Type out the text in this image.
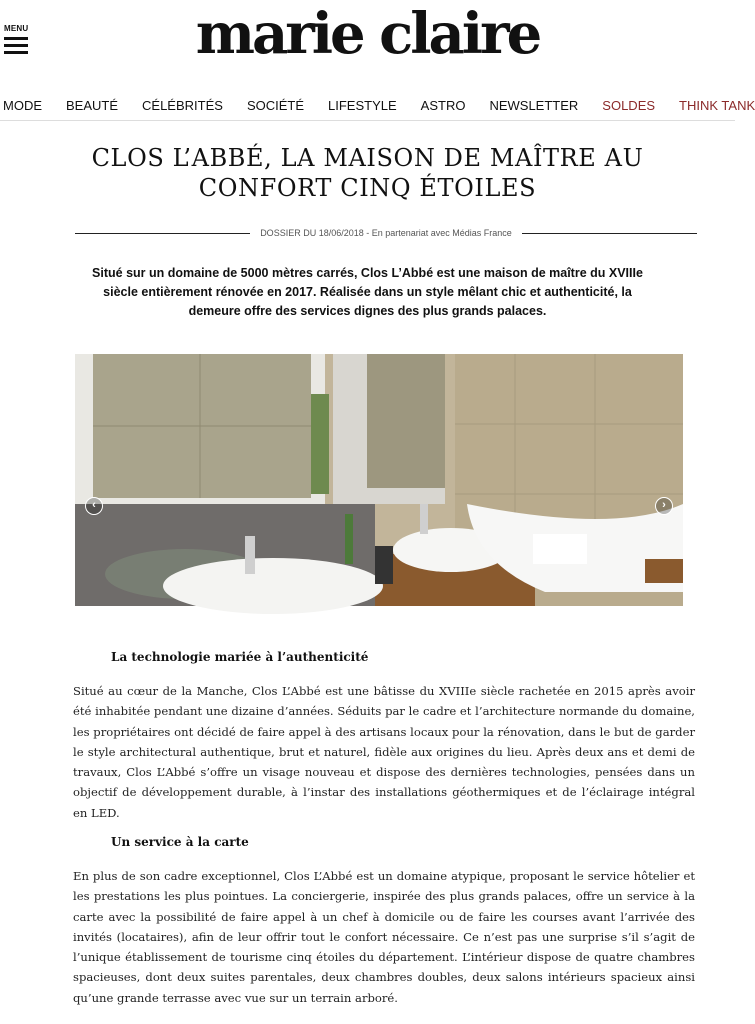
MENU	marie claire
MODE BEAUTÉ CÉLÉBRITÉS SOCIÉTÉ LIFESTYLE ASTRO NEWSLETTER SOLDES THINK TANK
CLOS L’ABBÉ, LA MAISON DE MAÎTRE AU CONFORT CINQ ÉTOILES
DOSSIER DU 18/06/2018 - En partenariat avec Médias France

Situé sur un domaine de 5000 mètres carrés, Clos L’Abbé est une maison de maître du XVIIIe siècle entièrement rénovée en 2017. Réalisée dans un style mêlant chic et authenticité, la demeure offre des services dignes des plus grands palaces.

‹	›
La technologie mariée à l’authenticité

Situé au cœur de la Manche, Clos L’Abbé est une bâtisse du XVIIIe siècle rachetée en 2015 après avoir été inhabitée pendant une dizaine d’années. Séduits par le cadre et l’architecture normande du domaine, les propriétaires ont décidé de faire appel à des artisans locaux pour la rénovation, dans le but de garder le style architectural authentique, brut et naturel, fidèle aux origines du lieu. Après deux ans et demi de travaux, Clos L’Abbé s’offre un visage nouveau et dispose des dernières technologies, pensées dans un objectif de développement durable, à l’instar des installations géothermiques et de l’éclairage intégral en LED.

Un service à la carte

En plus de son cadre exceptionnel, Clos L’Abbé est un domaine atypique, proposant le service hôtelier et les prestations les plus pointues. La conciergerie, inspirée des plus grands palaces, offre un service à la carte avec la possibilité de faire appel à un chef à domicile ou de faire les courses avant l’arrivée des invités (locataires), afin de leur offrir tout le confort nécessaire. Ce n’est pas une surprise s’il s’agit de l’unique établissement de tourisme cinq étoiles du département. L’intérieur dispose de quatre chambres spacieuses, dont deux suites parentales, deux chambres doubles, deux salons intérieurs spacieux ainsi qu’une grande terrasse avec vue sur un terrain arboré.
